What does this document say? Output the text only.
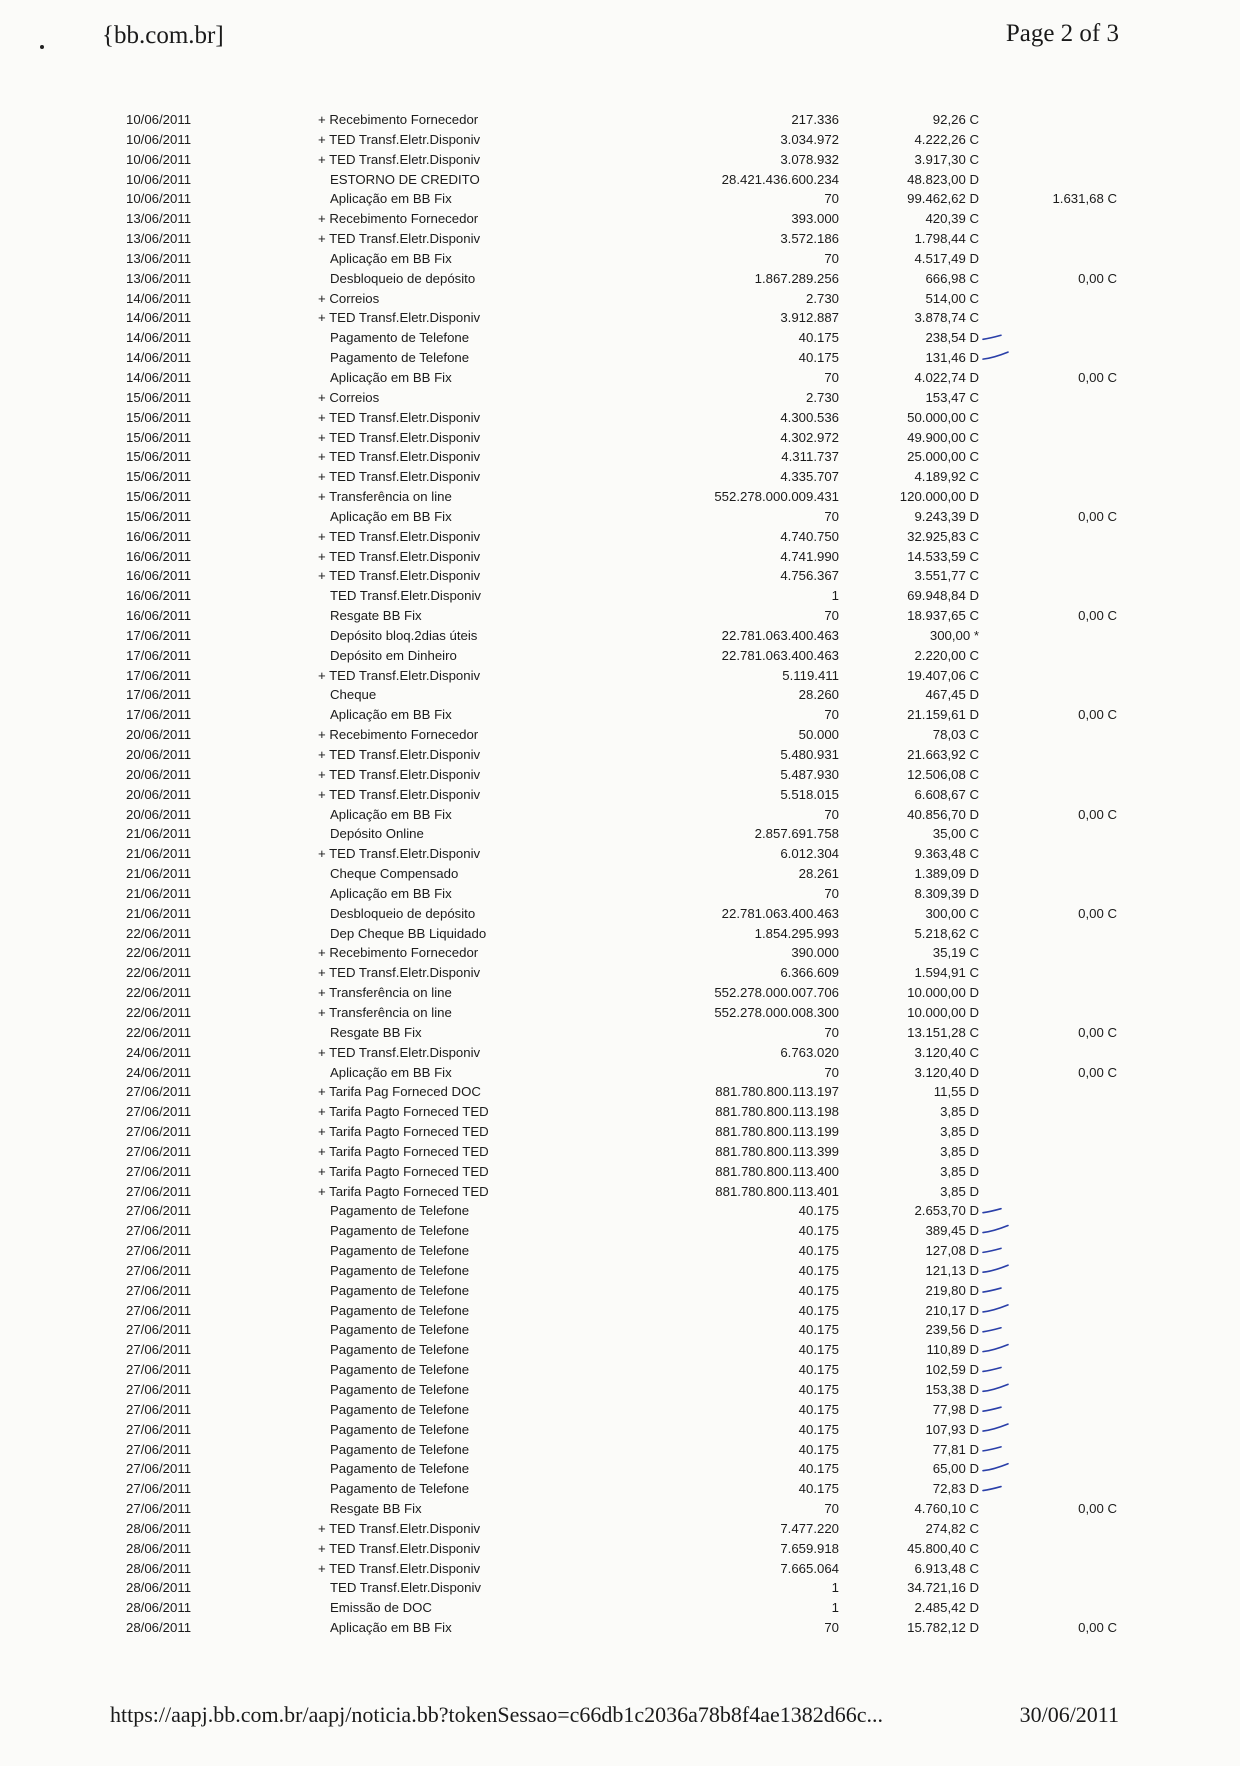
{bb.com.br]	Page 2 of 3
10/06/2011	+ Recebimento Fornecedor	217.336	92,26 C
10/06/2011	+ TED Transf.Eletr.Disponiv	3.034.972	4.222,26 C
10/06/2011	+ TED Transf.Eletr.Disponiv	3.078.932	3.917,30 C
10/06/2011	ESTORNO DE CREDITO	28.421.436.600.234	48.823,00 D
10/06/2011	Aplicação em BB Fix	70	99.462,62 D	1.631,68 C
13/06/2011	+ Recebimento Fornecedor	393.000	420,39 C
13/06/2011	+ TED Transf.Eletr.Disponiv	3.572.186	1.798,44 C
13/06/2011	Aplicação em BB Fix	70	4.517,49 D
13/06/2011	Desbloqueio de depósito	1.867.289.256	666,98 C	0,00 C
14/06/2011	+ Correios	2.730	514,00 C
14/06/2011	+ TED Transf.Eletr.Disponiv	3.912.887	3.878,74 C
14/06/2011	Pagamento de Telefone	40.175	238,54 D
14/06/2011	Pagamento de Telefone	40.175	131,46 D
14/06/2011	Aplicação em BB Fix	70	4.022,74 D	0,00 C
15/06/2011	+ Correios	2.730	153,47 C
15/06/2011	+ TED Transf.Eletr.Disponiv	4.300.536	50.000,00 C
15/06/2011	+ TED Transf.Eletr.Disponiv	4.302.972	49.900,00 C
15/06/2011	+ TED Transf.Eletr.Disponiv	4.311.737	25.000,00 C
15/06/2011	+ TED Transf.Eletr.Disponiv	4.335.707	4.189,92 C
15/06/2011	+ Transferência on line	552.278.000.009.431	120.000,00 D
15/06/2011	Aplicação em BB Fix	70	9.243,39 D	0,00 C
16/06/2011	+ TED Transf.Eletr.Disponiv	4.740.750	32.925,83 C
16/06/2011	+ TED Transf.Eletr.Disponiv	4.741.990	14.533,59 C
16/06/2011	+ TED Transf.Eletr.Disponiv	4.756.367	3.551,77 C
16/06/2011	TED Transf.Eletr.Disponiv	1	69.948,84 D
16/06/2011	Resgate BB Fix	70	18.937,65 C	0,00 C
17/06/2011	Depósito bloq.2dias úteis	22.781.063.400.463	300,00 *
17/06/2011	Depósito em Dinheiro	22.781.063.400.463	2.220,00 C
17/06/2011	+ TED Transf.Eletr.Disponiv	5.119.411	19.407,06 C
17/06/2011	Cheque	28.260	467,45 D
17/06/2011	Aplicação em BB Fix	70	21.159,61 D	0,00 C
20/06/2011	+ Recebimento Fornecedor	50.000	78,03 C
20/06/2011	+ TED Transf.Eletr.Disponiv	5.480.931	21.663,92 C
20/06/2011	+ TED Transf.Eletr.Disponiv	5.487.930	12.506,08 C
20/06/2011	+ TED Transf.Eletr.Disponiv	5.518.015	6.608,67 C
20/06/2011	Aplicação em BB Fix	70	40.856,70 D	0,00 C
21/06/2011	Depósito Online	2.857.691.758	35,00 C
21/06/2011	+ TED Transf.Eletr.Disponiv	6.012.304	9.363,48 C
21/06/2011	Cheque Compensado	28.261	1.389,09 D
21/06/2011	Aplicação em BB Fix	70	8.309,39 D
21/06/2011	Desbloqueio de depósito	22.781.063.400.463	300,00 C	0,00 C
22/06/2011	Dep Cheque BB Liquidado	1.854.295.993	5.218,62 C
22/06/2011	+ Recebimento Fornecedor	390.000	35,19 C
22/06/2011	+ TED Transf.Eletr.Disponiv	6.366.609	1.594,91 C
22/06/2011	+ Transferência on line	552.278.000.007.706	10.000,00 D
22/06/2011	+ Transferência on line	552.278.000.008.300	10.000,00 D
22/06/2011	Resgate BB Fix	70	13.151,28 C	0,00 C
24/06/2011	+ TED Transf.Eletr.Disponiv	6.763.020	3.120,40 C
24/06/2011	Aplicação em BB Fix	70	3.120,40 D	0,00 C
27/06/2011	+ Tarifa Pag Forneced DOC	881.780.800.113.197	11,55 D
27/06/2011	+ Tarifa Pagto Forneced TED	881.780.800.113.198	3,85 D
27/06/2011	+ Tarifa Pagto Forneced TED	881.780.800.113.199	3,85 D
27/06/2011	+ Tarifa Pagto Forneced TED	881.780.800.113.399	3,85 D
27/06/2011	+ Tarifa Pagto Forneced TED	881.780.800.113.400	3,85 D
27/06/2011	+ Tarifa Pagto Forneced TED	881.780.800.113.401	3,85 D
27/06/2011	Pagamento de Telefone	40.175	2.653,70 D
27/06/2011	Pagamento de Telefone	40.175	389,45 D
27/06/2011	Pagamento de Telefone	40.175	127,08 D
27/06/2011	Pagamento de Telefone	40.175	121,13 D
27/06/2011	Pagamento de Telefone	40.175	219,80 D
27/06/2011	Pagamento de Telefone	40.175	210,17 D
27/06/2011	Pagamento de Telefone	40.175	239,56 D
27/06/2011	Pagamento de Telefone	40.175	110,89 D
27/06/2011	Pagamento de Telefone	40.175	102,59 D
27/06/2011	Pagamento de Telefone	40.175	153,38 D
27/06/2011	Pagamento de Telefone	40.175	77,98 D
27/06/2011	Pagamento de Telefone	40.175	107,93 D
27/06/2011	Pagamento de Telefone	40.175	77,81 D
27/06/2011	Pagamento de Telefone	40.175	65,00 D
27/06/2011	Pagamento de Telefone	40.175	72,83 D
27/06/2011	Resgate BB Fix	70	4.760,10 C	0,00 C
28/06/2011	+ TED Transf.Eletr.Disponiv	7.477.220	274,82 C
28/06/2011	+ TED Transf.Eletr.Disponiv	7.659.918	45.800,40 C
28/06/2011	+ TED Transf.Eletr.Disponiv	7.665.064	6.913,48 C
28/06/2011	TED Transf.Eletr.Disponiv	1	34.721,16 D
28/06/2011	Emissão de DOC	1	2.485,42 D
28/06/2011	Aplicação em BB Fix	70	15.782,12 D	0,00 C
https://aapj.bb.com.br/aapj/noticia.bb?tokenSessao=c66db1c2036a78b8f4ae1382d66c...	30/06/2011
